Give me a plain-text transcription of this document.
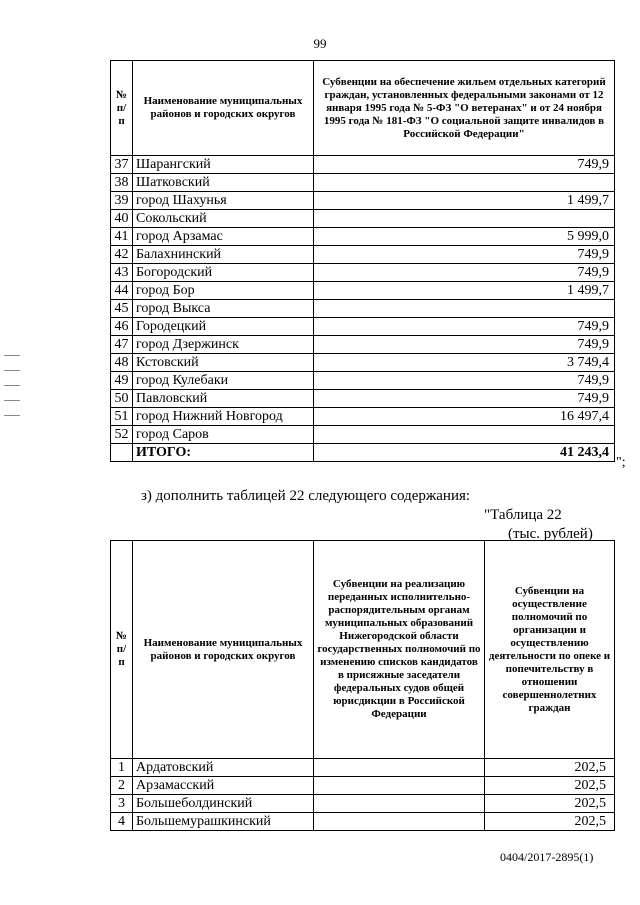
99
№ п/п	Наименование муниципальных районов и городских округов	Субвенции на обеспечение жильем отдельных категорий граждан, установленных федеральными законами от 12 января 1995 года № 5-ФЗ "О ветеранах" и от 24 ноября 1995 года № 181-ФЗ "О социальной защите инвалидов в Российской Федерации"
37	Шарангский	749,9
38	Шатковский	
39	город Шахунья	1 499,7
40	Сокольский	
41	город Арзамас	5 999,0
42	Балахнинский	749,9
43	Богородский	749,9
44	город Бор	1 499,7
45	город Выкса	
46	Городецкий	749,9
47	город Дзержинск	749,9
48	Кстовский	3 749,4
49	город Кулебаки	749,9
50	Павловский	749,9
51	город Нижний Новгород	16 497,4
52	город Саров	
	ИТОГО:	41 243,4
";
з) дополнить таблицей 22 следующего содержания:
"Таблица 22
(тыс. рублей)
№ п/п	Наименование муниципальных районов и городских округов	Субвенции на реализацию переданных исполнительно-распорядительным органам муниципальных образований Нижегородской области государственных полномочий по изменению списков кандидатов в присяжные заседатели федеральных судов общей юрисдикции в Российской Федерации	Субвенции на осуществление полномочий по организации и осуществлению деятельности по опеке и попечительству в отношении совершеннолетних граждан
1	Ардатовский		202,5
2	Арзамасский		202,5
3	Большеболдинский		202,5
4	Большемурашкинский		202,5
0404/2017-2895(1)
